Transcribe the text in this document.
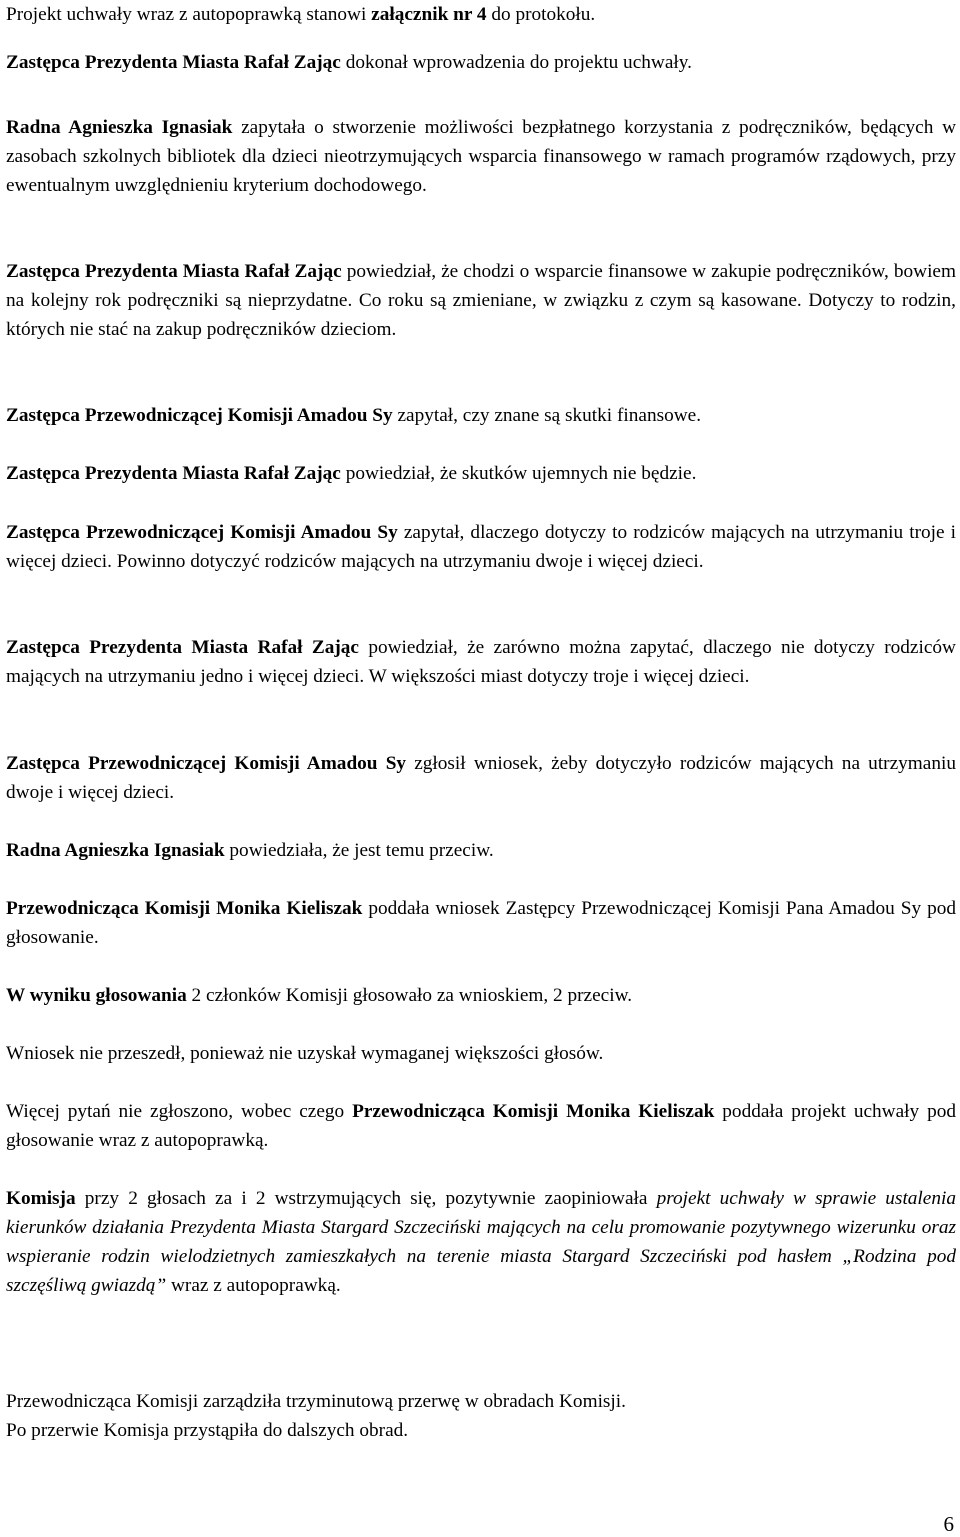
Projekt uchwały wraz z autopoprawką stanowi załącznik nr 4 do protokołu.

Zastępca Prezydenta Miasta Rafał Zając dokonał wprowadzenia do projektu uchwały.

Radna Agnieszka Ignasiak zapytała o stworzenie możliwości bezpłatnego korzystania z podręczników, będących w zasobach szkolnych bibliotek dla dzieci nieotrzymujących wsparcia finansowego w ramach programów rządowych, przy ewentualnym uwzględnieniu kryterium dochodowego.

Zastępca Prezydenta Miasta Rafał Zając powiedział, że chodzi o wsparcie finansowe w zakupie podręczników, bowiem na kolejny rok podręczniki są nieprzydatne. Co roku są zmieniane, w związku z czym są kasowane. Dotyczy to rodzin, których nie stać na zakup podręczników dzieciom.

Zastępca Przewodniczącej Komisji Amadou Sy zapytał, czy znane są skutki finansowe.

Zastępca Prezydenta Miasta Rafał Zając powiedział, że skutków ujemnych nie będzie.

Zastępca Przewodniczącej Komisji Amadou Sy zapytał, dlaczego dotyczy to rodziców mających na utrzymaniu troje i więcej dzieci. Powinno dotyczyć rodziców mających na utrzymaniu dwoje i więcej dzieci.

Zastępca Prezydenta Miasta Rafał Zając powiedział, że zarówno można zapytać, dlaczego nie dotyczy rodziców mających na utrzymaniu jedno i więcej dzieci. W większości miast dotyczy troje i więcej dzieci.

Zastępca Przewodniczącej Komisji Amadou Sy zgłosił wniosek, żeby dotyczyło rodziców mających na utrzymaniu dwoje i więcej dzieci.

Radna Agnieszka Ignasiak powiedziała, że jest temu przeciw.

Przewodnicząca Komisji Monika Kieliszak poddała wniosek Zastępcy Przewodniczącej Komisji Pana Amadou Sy pod głosowanie.

W wyniku głosowania 2 członków Komisji głosowało za wnioskiem, 2 przeciw.

Wniosek nie przeszedł, ponieważ nie uzyskał wymaganej większości głosów.

Więcej pytań nie zgłoszono, wobec czego Przewodnicząca Komisji Monika Kieliszak poddała projekt uchwały pod głosowanie wraz z autopoprawką.

Komisja przy 2 głosach za i 2 wstrzymujących się, pozytywnie zaopiniowała projekt uchwały w sprawie ustalenia kierunków działania Prezydenta Miasta Stargard Szczeciński mających na celu promowanie pozytywnego wizerunku oraz wspieranie rodzin wielodzietnych zamieszkałych na terenie miasta Stargard Szczeciński pod hasłem „Rodzina pod szczęśliwą gwiazdą” wraz z autopoprawką.

Przewodnicząca Komisji zarządziła trzyminutową przerwę w obradach Komisji.

Po przerwie Komisja przystąpiła do dalszych obrad.

6
